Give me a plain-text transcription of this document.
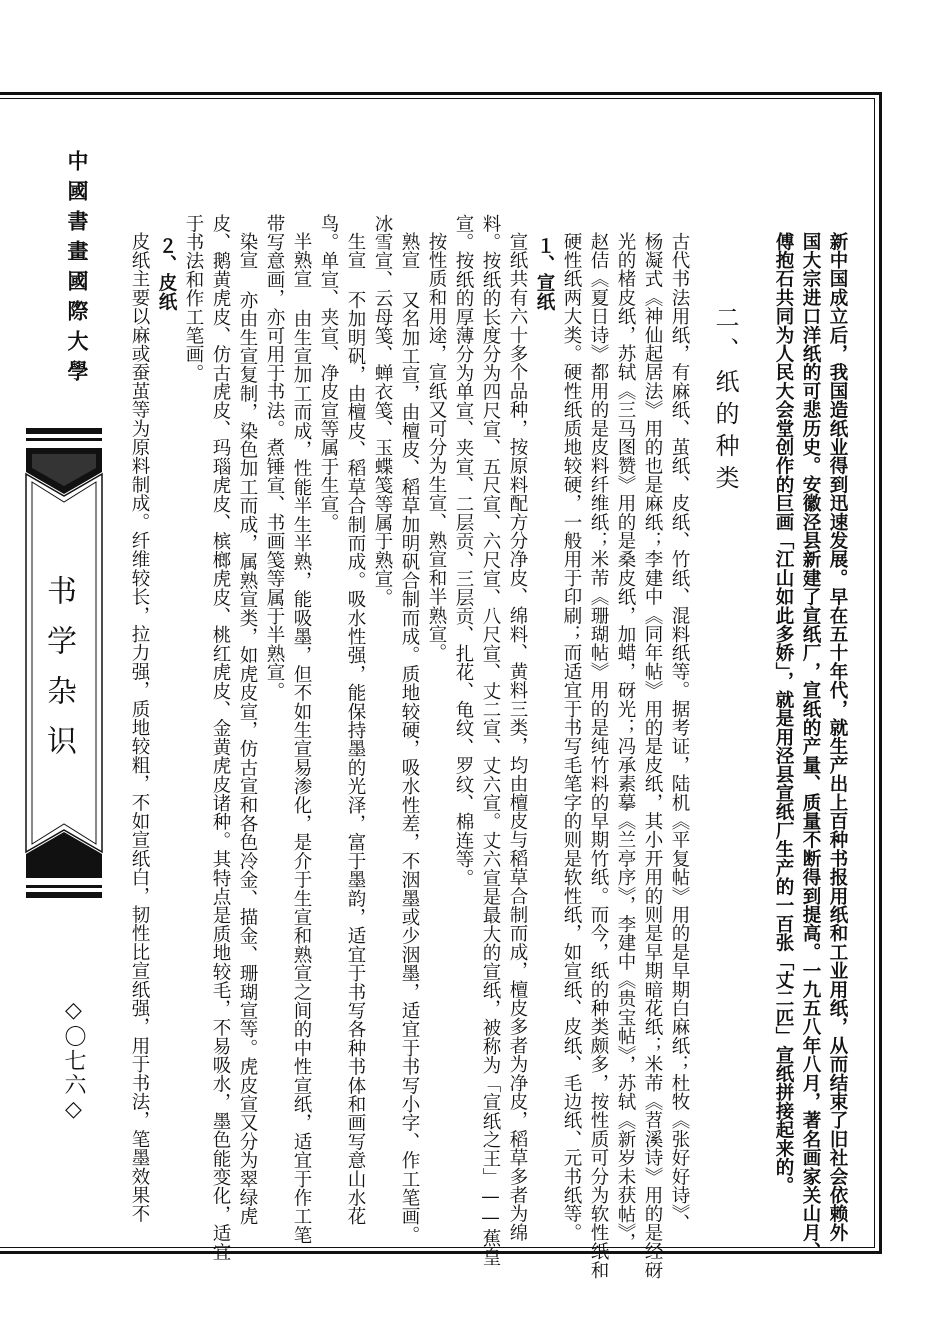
中國書畫國際大學
书学杂识
◇〇七六◇
二、纸的种类	新中国成立后，我国造纸业得到迅速发展。早在五十年代，就生产出上百种书报用纸和工业用纸，从而结束了旧社会依赖外
国大宗进口洋纸的可悲历史。安徽泾县新建了宣纸厂，宣纸的产量、质量不断得到提高。一九五八年八月，著名画家关山月、
傅抱石共同为人民大会堂创作的巨画「江山如此多娇」，就是用泾县宣纸厂生产的一百张「丈二匹」宣纸拼接起来的。
古代书法用纸，有麻纸、茧纸、皮纸、竹纸、混料纸等。据考证，陆机《平复帖》用的是早期白麻纸；杜牧《张好好诗》、
杨凝式《神仙起居法》用的也是麻纸；李建中《同年帖》用的是皮纸，其小开用的则是早期暗花纸；米芾《苕溪诗》用的是经砑
光的楮皮纸，苏轼《三马图赞》用的是桑皮纸，加蜡，砑光；冯承素摹《兰亭序》，李建中《贵宝帖》，苏轼《新岁未获帖》，
赵佶《夏日诗》都用的是皮料纤维纸；米芾《珊瑚帖》用的是纯竹料的早期竹纸。而今，纸的种类颇多，按性质可分为软性纸和
硬性纸两大类。硬性纸质地较硬，一般用于印刷；而适宜于书写毛笔字的则是软性纸，如宣纸、皮纸、毛边纸、元书纸等。
１、宣纸
宣纸共有六十多个品种，按原料配方分净皮、绵料、黄料三类，均由檀皮与稻草合制而成，檀皮多者为净皮，稻草多者为绵
料。按纸的长度分为四尺宣、五尺宣、六尺宣、八尺宣、丈二宣、丈六宣。丈六宣是最大的宣纸，被称为「宣纸之王」——蕉皇
宣。按纸的厚薄分为单宣、夹宣、二层贡、三层贡、扎花、龟纹、罗纹、棉连等。
按性质和用途，宣纸又可分为生宣、熟宣和半熟宣。
熟宣 又名加工宣，由檀皮、稻草加明矾合制而成。质地较硬，吸水性差，不洇墨或少洇墨，适宜于书写小字、作工笔画。
冰雪宣、云母笺、蝉衣笺、玉蝶笺等属于熟宣。
生宣 不加明矾，由檀皮、稻草合制而成。吸水性强，能保持墨的光泽，富于墨韵，适宜于书写各种书体和画写意山水花
鸟。单宣、夹宣、净皮宣等属于生宣。
半熟宣 由生宣加工而成，性能半生半熟，能吸墨，但不如生宣易渗化，是介于生宣和熟宣之间的中性宣纸，适宜于作工笔
带写意画，亦可用于书法。煮锤宣、书画笺等属于半熟宣。
染宣 亦由生宣复制，染色加工而成，属熟宣类，如虎皮宣，仿古宣和各色冷金、描金、珊瑚宣等。虎皮宣又分为翠绿虎
皮、鹅黄虎皮、仿古虎皮、玛瑙虎皮、槟榔虎皮、桃红虎皮、金黄虎皮诸种。其特点是质地较毛，不易吸水，墨色能变化，适宜
于书法和作工笔画。
２、皮纸
皮纸主要以麻或蚕茧等为原料制成。纤维较长，拉力强，质地较粗，不如宣纸白，韧性比宣纸强，用于书法，笔墨效果不
